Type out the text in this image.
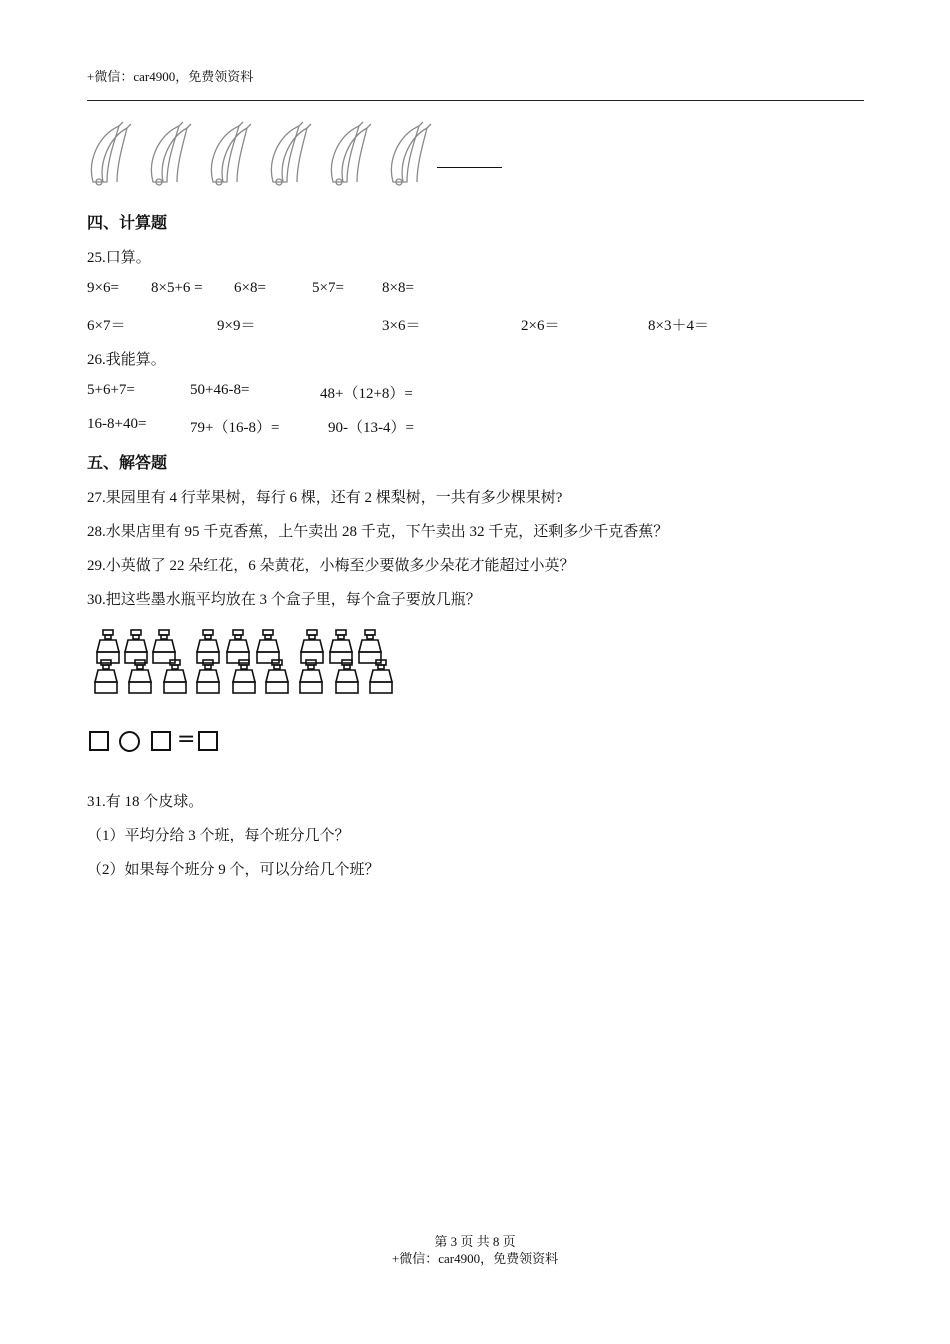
+微信：car4900，免费领资料
四、计算题
25.口算。
9×6= 8×5+6 = 6×8=	5×7=	8×8=
6×7＝	9×9＝	3×6＝	2×6＝	8×3＋4＝
26.我能算。
5+6+7=	50+46-8=	48+（12+8）=
16-8+40=	79+（16-8）=	90-（13-4）=
五、解答题
27.果园里有 4 行苹果树，每行 6 棵，还有 2 棵梨树，一共有多少棵果树?
28.水果店里有 95 千克香蕉，上午卖出 28 千克，下午卖出 32 千克，还剩多少千克香蕉？
29.小英做了 22 朵红花，6 朵黄花，小梅至少要做多少朵花才能超过小英？
30.把这些墨水瓶平均放在 3 个盒子里，每个盒子要放几瓶？
=
31.有 18 个皮球。
（1）平均分给 3 个班，每个班分几个？
（2）如果每个班分 9 个，可以分给几个班？
第 3 页 共 8 页
+微信：car4900，免费领资料
